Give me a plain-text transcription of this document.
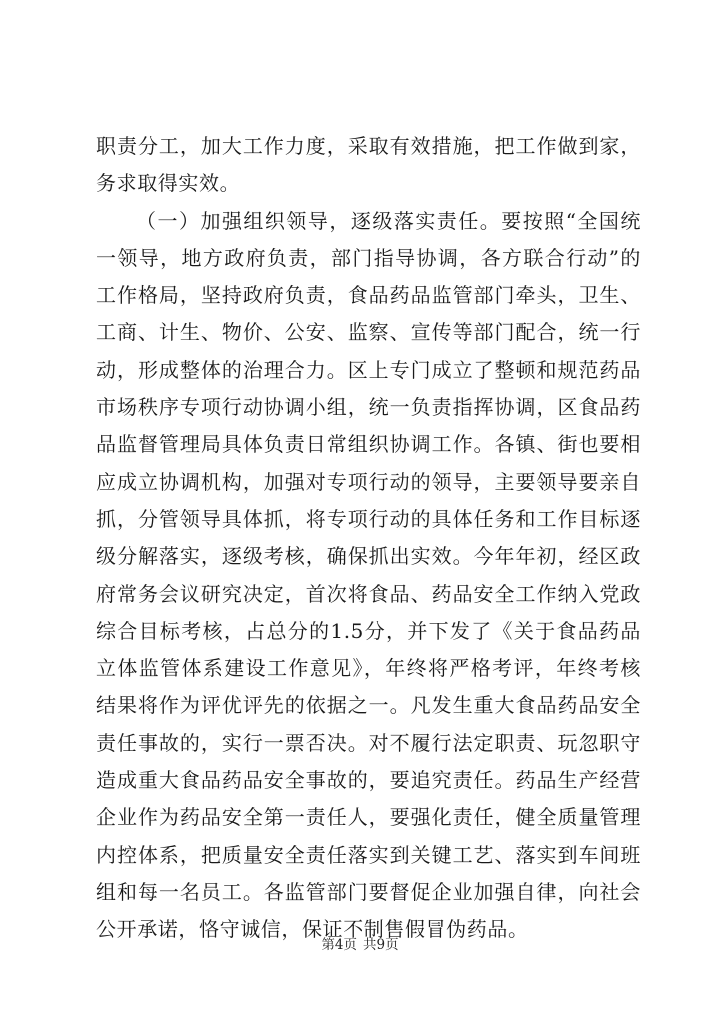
职责分工，加大工作力度，采取有效措施，把工作做到家，务求取得实效。

（一）加强组织领导，逐级落实责任。要按照“全国统一领导，地方政府负责，部门指导协调，各方联合行动”的工作格局，坚持政府负责，食品药品监管部门牵头，卫生、工商、计生、物价、公安、监察、宣传等部门配合，统一行动，形成整体的治理合力。区上专门成立了整顿和规范药品市场秩序专项行动协调小组，统一负责指挥协调，区食品药品监督管理局具体负责日常组织协调工作。各镇、街也要相应成立协调机构，加强对专项行动的领导，主要领导要亲自抓，分管领导具体抓，将专项行动的具体任务和工作目标逐级分解落实，逐级考核，确保抓出实效。今年年初，经区政府常务会议研究决定，首次将食品、药品安全工作纳入党政综合目标考核，占总分的1.5分，并下发了《关于食品药品立体监管体系建设工作意见》，年终将严格考评，年终考核结果将作为评优评先的依据之一。凡发生重大食品药品安全责任事故的，实行一票否决。对不履行法定职责、玩忽职守造成重大食品药品安全事故的，要追究责任。药品生产经营企业作为药品安全第一责任人，要强化责任，健全质量管理内控体系，把质量安全责任落实到关键工艺、落实到车间班组和每一名员工。各监管部门要督促企业加强自律，向社会公开承诺，恪守诚信，保证不制售假冒伪药品。

第4页 共9页
